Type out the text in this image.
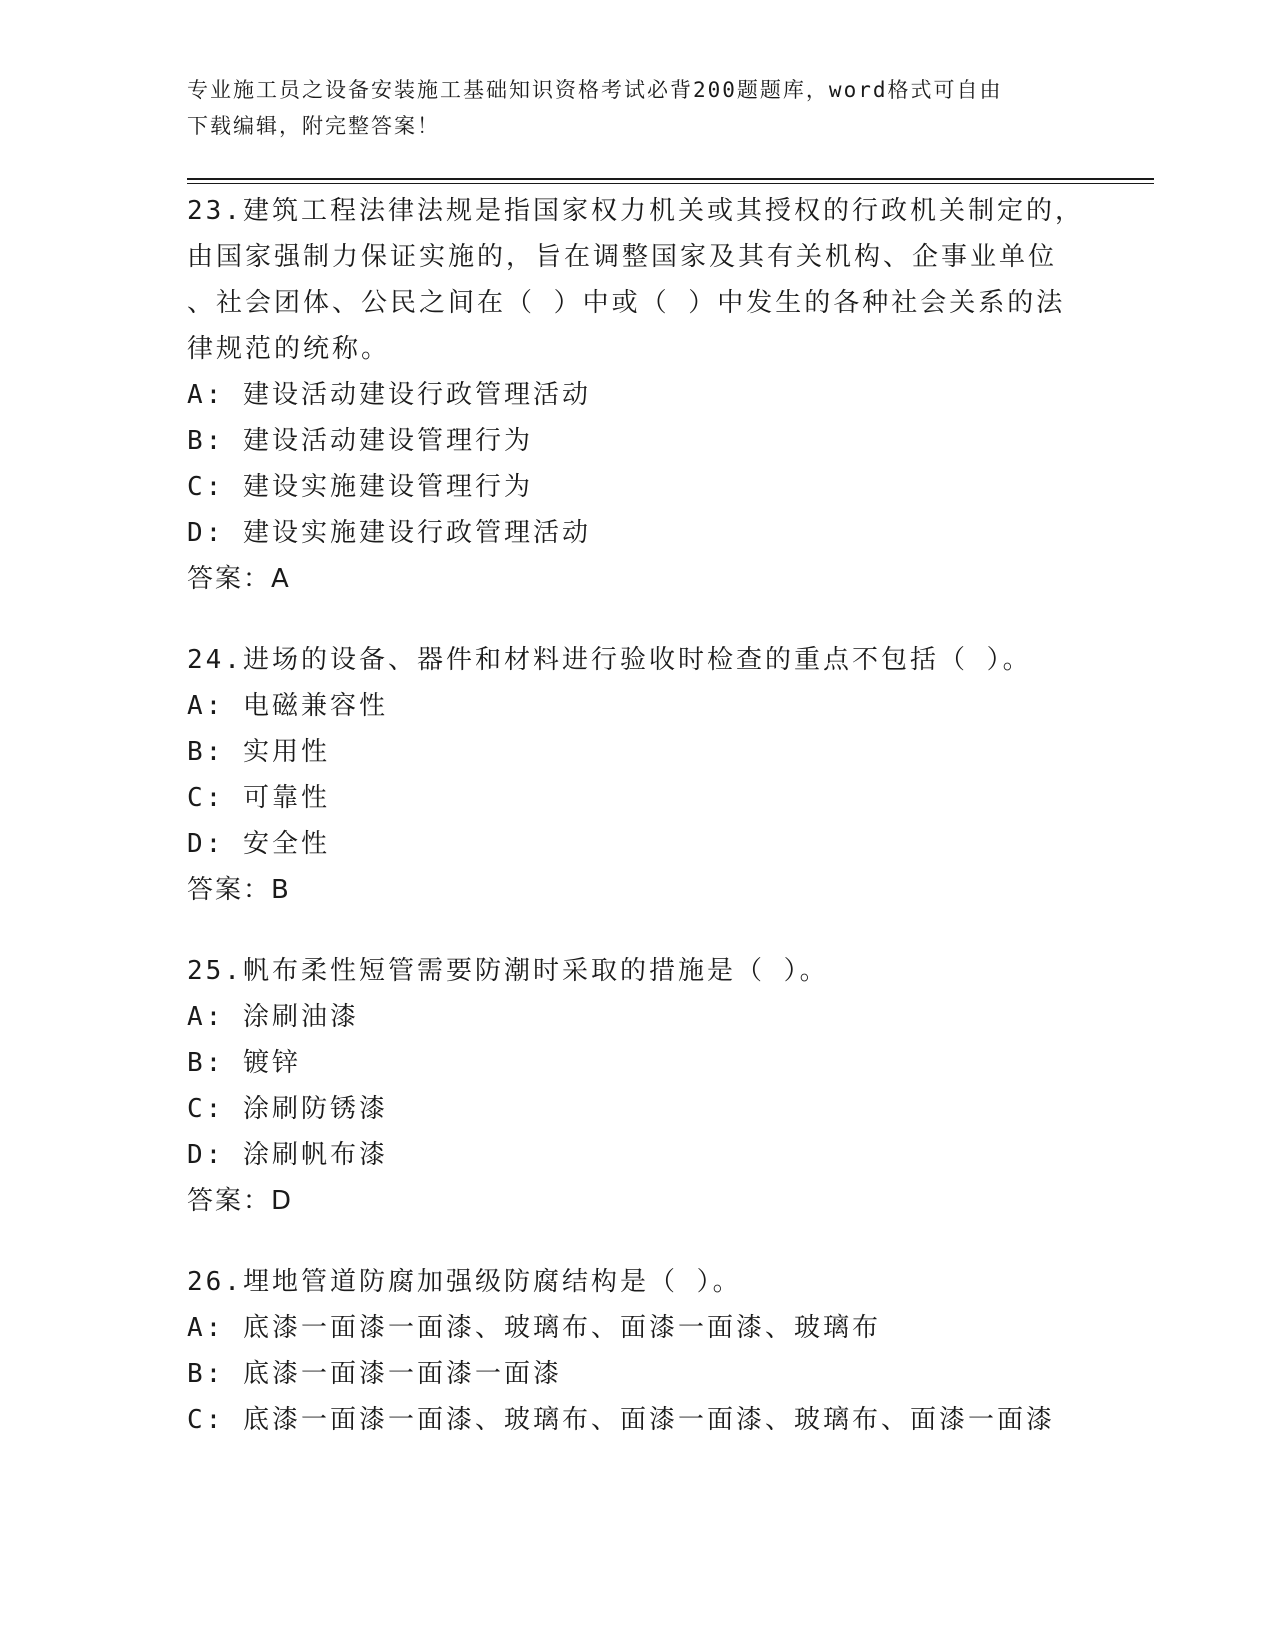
专业施工员之设备安装施工基础知识资格考试必背200题题库，word格式可自由
下载编辑，附完整答案！
23.建筑工程法律法规是指国家权力机关或其授权的行政机关制定的，
由国家强制力保证实施的，旨在调整国家及其有关机构、企事业单位
、社会团体、公民之间在（ ）中或（ ）中发生的各种社会关系的法
律规范的统称。
A: 建设活动建设行政管理活动
B: 建设活动建设管理行为
C: 建设实施建设管理行为
D: 建设实施建设行政管理活动
答案：A
24.进场的设备、器件和材料进行验收时检查的重点不包括（ ）。
A: 电磁兼容性
B: 实用性
C: 可靠性
D: 安全性
答案：B
25.帆布柔性短管需要防潮时采取的措施是（ ）。
A: 涂刷油漆
B: 镀锌
C: 涂刷防锈漆
D: 涂刷帆布漆
答案：D
26.埋地管道防腐加强级防腐结构是（ ）。
A: 底漆一面漆一面漆、玻璃布、面漆一面漆、玻璃布
B: 底漆一面漆一面漆一面漆
C: 底漆一面漆一面漆、玻璃布、面漆一面漆、玻璃布、面漆一面漆
